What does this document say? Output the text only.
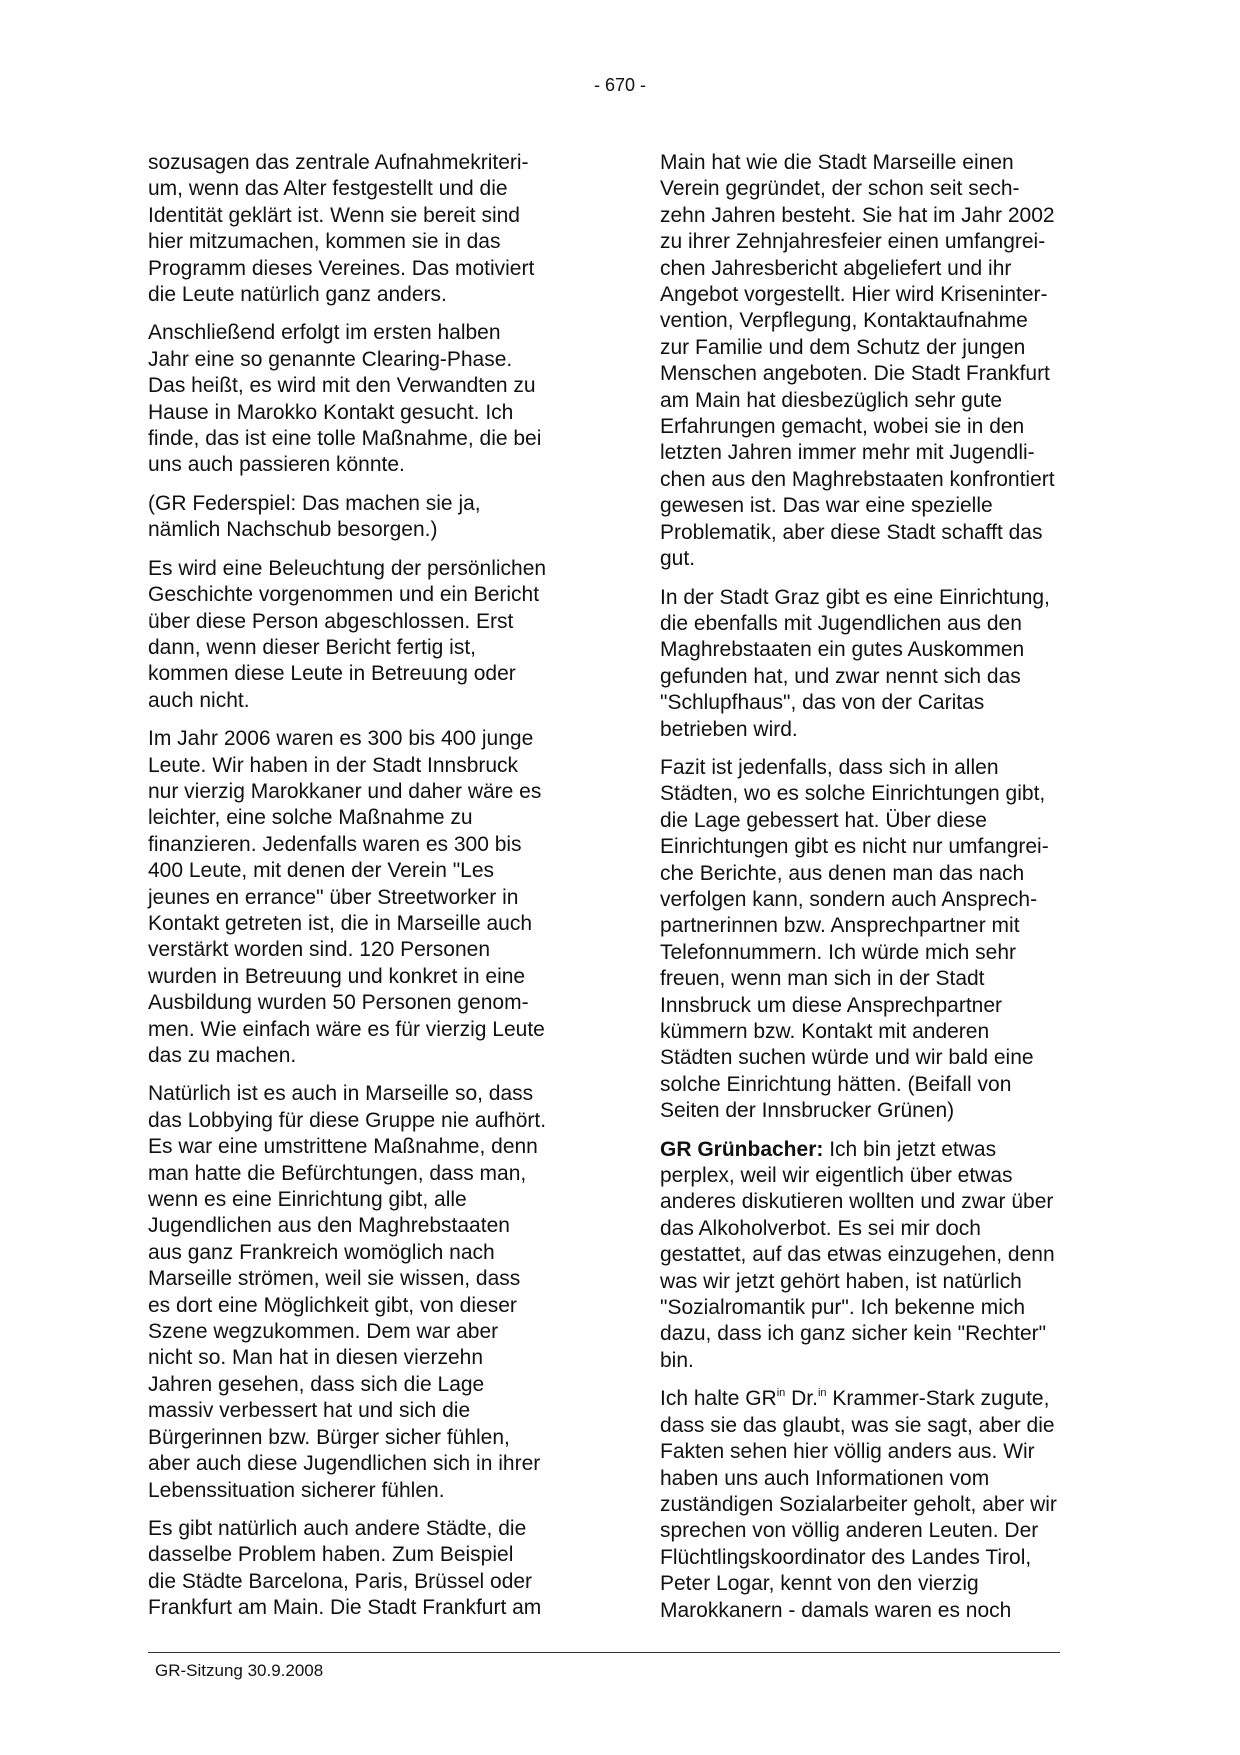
- 670 -

sozusagen das zentrale Aufnahmekriteri-
um, wenn das Alter festgestellt und die
Identität geklärt ist. Wenn sie bereit sind
hier mitzumachen, kommen sie in das
Programm dieses Vereines. Das motiviert
die Leute natürlich ganz anders.

Anschließend erfolgt im ersten halben
Jahr eine so genannte Clearing-Phase.
Das heißt, es wird mit den Verwandten zu
Hause in Marokko Kontakt gesucht. Ich
finde, das ist eine tolle Maßnahme, die bei
uns auch passieren könnte.

(GR Federspiel: Das machen sie ja,
nämlich Nachschub besorgen.)

Es wird eine Beleuchtung der persönlichen
Geschichte vorgenommen und ein Bericht
über diese Person abgeschlossen. Erst
dann, wenn dieser Bericht fertig ist,
kommen diese Leute in Betreuung oder
auch nicht.

Im Jahr 2006 waren es 300 bis 400 junge
Leute. Wir haben in der Stadt Innsbruck
nur vierzig Marokkaner und daher wäre es
leichter, eine solche Maßnahme zu
finanzieren. Jedenfalls waren es 300 bis
400 Leute, mit denen der Verein "Les
jeunes en errance" über Streetworker in
Kontakt getreten ist, die in Marseille auch
verstärkt worden sind. 120 Personen
wurden in Betreuung und konkret in eine
Ausbildung wurden 50 Personen genom-
men. Wie einfach wäre es für vierzig Leute
das zu machen.

Natürlich ist es auch in Marseille so, dass
das Lobbying für diese Gruppe nie aufhört.
Es war eine umstrittene Maßnahme, denn
man hatte die Befürchtungen, dass man,
wenn es eine Einrichtung gibt, alle
Jugendlichen aus den Maghrebstaaten
aus ganz Frankreich womöglich nach
Marseille strömen, weil sie wissen, dass
es dort eine Möglichkeit gibt, von dieser
Szene wegzukommen. Dem war aber
nicht so. Man hat in diesen vierzehn
Jahren gesehen, dass sich die Lage
massiv verbessert hat und sich die
Bürgerinnen bzw. Bürger sicher fühlen,
aber auch diese Jugendlichen sich in ihrer
Lebenssituation sicherer fühlen.

Es gibt natürlich auch andere Städte, die
dasselbe Problem haben. Zum Beispiel
die Städte Barcelona, Paris, Brüssel oder
Frankfurt am Main. Die Stadt Frankfurt am

Main hat wie die Stadt Marseille einen
Verein gegründet, der schon seit sech-
zehn Jahren besteht. Sie hat im Jahr 2002
zu ihrer Zehnjahresfeier einen umfangrei-
chen Jahresbericht abgeliefert und ihr
Angebot vorgestellt. Hier wird Kriseninter-
vention, Verpflegung, Kontaktaufnahme
zur Familie und dem Schutz der jungen
Menschen angeboten. Die Stadt Frankfurt
am Main hat diesbezüglich sehr gute
Erfahrungen gemacht, wobei sie in den
letzten Jahren immer mehr mit Jugendli-
chen aus den Maghrebstaaten konfrontiert
gewesen ist. Das war eine spezielle
Problematik, aber diese Stadt schafft das
gut.

In der Stadt Graz gibt es eine Einrichtung,
die ebenfalls mit Jugendlichen aus den
Maghrebstaaten ein gutes Auskommen
gefunden hat, und zwar nennt sich das
"Schlupfhaus", das von der Caritas
betrieben wird.

Fazit ist jedenfalls, dass sich in allen
Städten, wo es solche Einrichtungen gibt,
die Lage gebessert hat. Über diese
Einrichtungen gibt es nicht nur umfangrei-
che Berichte, aus denen man das nach
verfolgen kann, sondern auch Ansprech-
partnerinnen bzw. Ansprechpartner mit
Telefonnummern. Ich würde mich sehr
freuen, wenn man sich in der Stadt
Innsbruck um diese Ansprechpartner
kümmern bzw. Kontakt mit anderen
Städten suchen würde und wir bald eine
solche Einrichtung hätten. (Beifall von
Seiten der Innsbrucker Grünen)

GR Grünbacher: Ich bin jetzt etwas
perplex, weil wir eigentlich über etwas
anderes diskutieren wollten und zwar über
das Alkoholverbot. Es sei mir doch
gestattet, auf das etwas einzugehen, denn
was wir jetzt gehört haben, ist natürlich
"Sozialromantik pur". Ich bekenne mich
dazu, dass ich ganz sicher kein "Rechter"
bin.

Ich halte $GR^{in}$ Dr.$^{in}$ Krammer-Stark zugute,
dass sie das glaubt, was sie sagt, aber die
Fakten sehen hier völlig anders aus. Wir
haben uns auch Informationen vom
zuständigen Sozialarbeiter geholt, aber wir
sprechen von völlig anderen Leuten. Der
Flüchtlingskoordinator des Landes Tirol,
Peter Logar, kennt von den vierzig
Marokkanern - damals waren es noch

GR-Sitzung 30.9.2008
